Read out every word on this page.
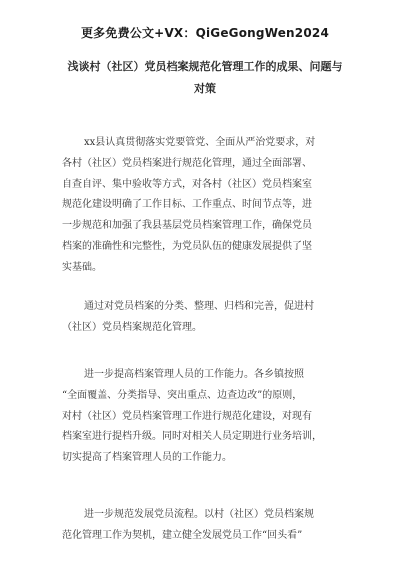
更多免费公文+VX：QiGeGongWen2024
浅谈村（社区）党员档案规范化管理工作的成果、问题与
对策
xx县认真贯彻落实党要管党、全面从严治党要求，对
各村（社区）党员档案进行规范化管理，通过全面部署、
自查自评、集中验收等方式，对各村（社区）党员档案室
规范化建设明确了工作目标、工作重点、时间节点等，进
一步规范和加强了我县基层党员档案管理工作，确保党员
档案的准确性和完整性，为党员队伍的健康发展提供了坚
实基础。
通过对党员档案的分类、整理、归档和完善，促进村
（社区）党员档案规范化管理。
进一步提高档案管理人员的工作能力。各乡镇按照
“全面覆盖、分类指导、突出重点、边查边改”的原则，
对村（社区）党员档案管理工作进行规范化建设，对现有
档案室进行提档升级。同时对相关人员定期进行业务培训，
切实提高了档案管理人员的工作能力。
进一步规范发展党员流程。以村（社区）党员档案规
范化管理工作为契机，建立健全发展党员工作“回头看”
